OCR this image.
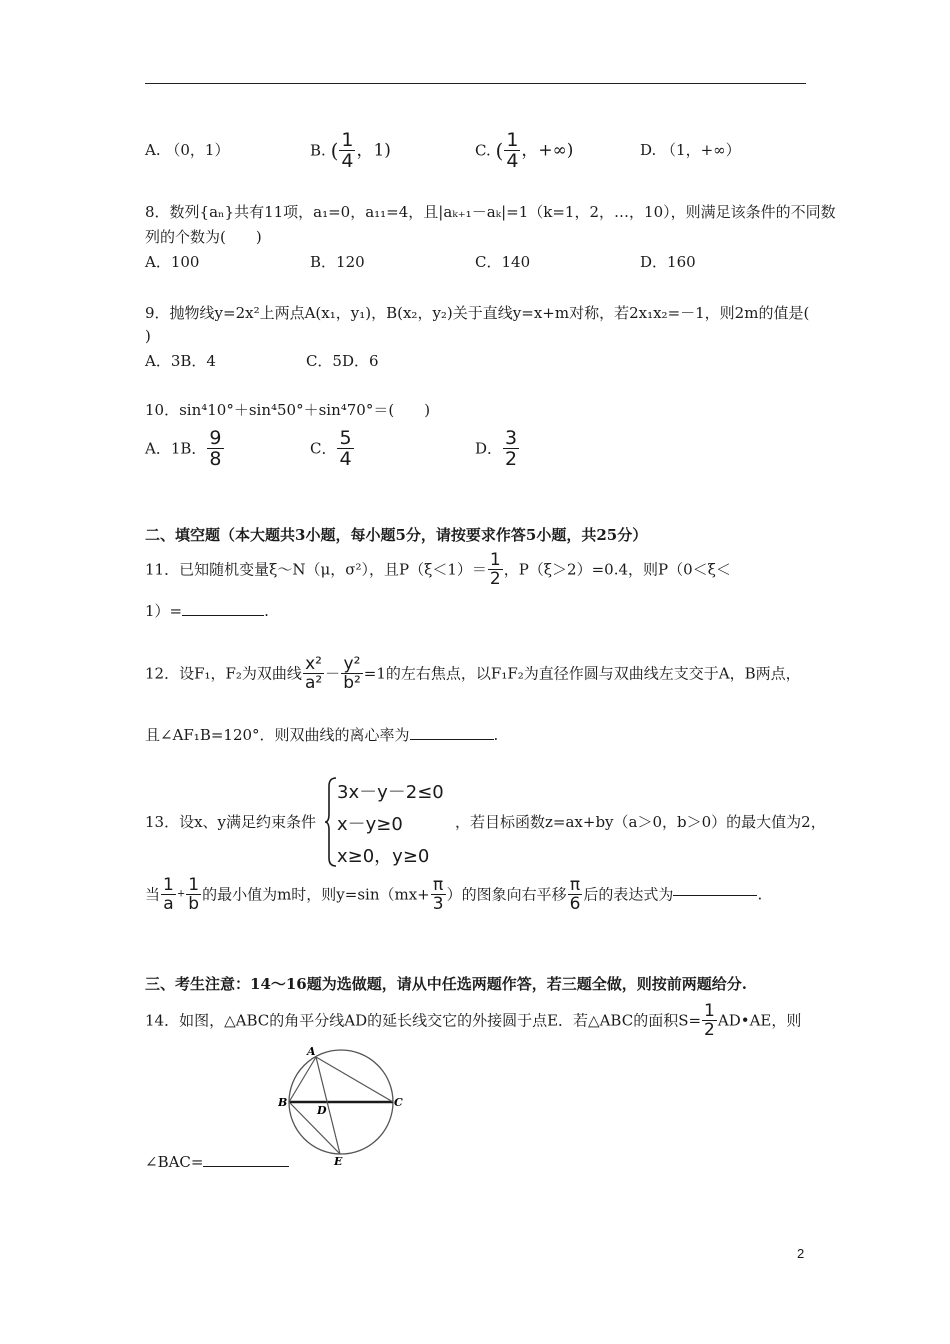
A. （0，1）	B. ( $\frac{1}{4}$ ，1)	C. ( $\frac{1}{4}$ ，+∞)	D. （1，+∞）
8．数列{aₙ}共有11项，a₁=0，a₁₁=4，且|aₖ₊₁－aₖ|=1（k=1，2，…，10），则满足该条件的不同数
列的个数为(　　)
A．100	B．120	C．140	D．160
9．抛物线y=2x²上两点A(x₁，y₁)，B(x₂，y₂)关于直线y=x+m对称，若2x₁x₂=－1，则2m的值是(
)
A．3B．4　　　　　　C．5D．6
10．sin⁴10°＋sin⁴50°＋sin⁴70°＝(　　)
A．1B． $\frac{9}{8}$	C． $\frac{5}{4}$	D． $\frac{3}{2}$
二、填空题（本大题共3小题，每小题5分，请按要求作答5小题，共25分）
11．已知随机变量ξ～N（μ，σ²），且$P(\xi<1)= \frac{1}{2}$ ，P（ξ＞2）=0.4，则P（0＜ξ＜
1）=	.
12．设F₁，F₂为双曲线 $\frac{\text{x²}}{\text{a²}} - \frac{\text{y²}}{\text{b²}} =1$的左右焦点，以F₁F₂为直径作圆与双曲线左支交于A，B两点，
且∠AF₁B=120°．则双曲线的离心率为	.
13．设x、y满足约束条件
3x－y－2≤0
x－y≥0
x≥0，y≥0
，若目标函数z=ax+by（a＞0，b＞0）的最大值为2，
当 $\frac{1}{a} + \frac{1}{b}$ 的最小值为m时，则$y=\sin(mx+ \frac{\pi}{3}$ ）的图象向右平移 $\frac{\pi}{6}$ 后的表达式为	.
三、考生注意：14～16题为选做题，请从中任选两题作答，若三题全做，则按前两题给分.
14．如图，△ABC的角平分线AD的延长线交它的外接圆于点E．若△ABC的面积$S= \frac{1}{2}$ AD•AE，则
A
B	C
D
E
∠BAC=
2
